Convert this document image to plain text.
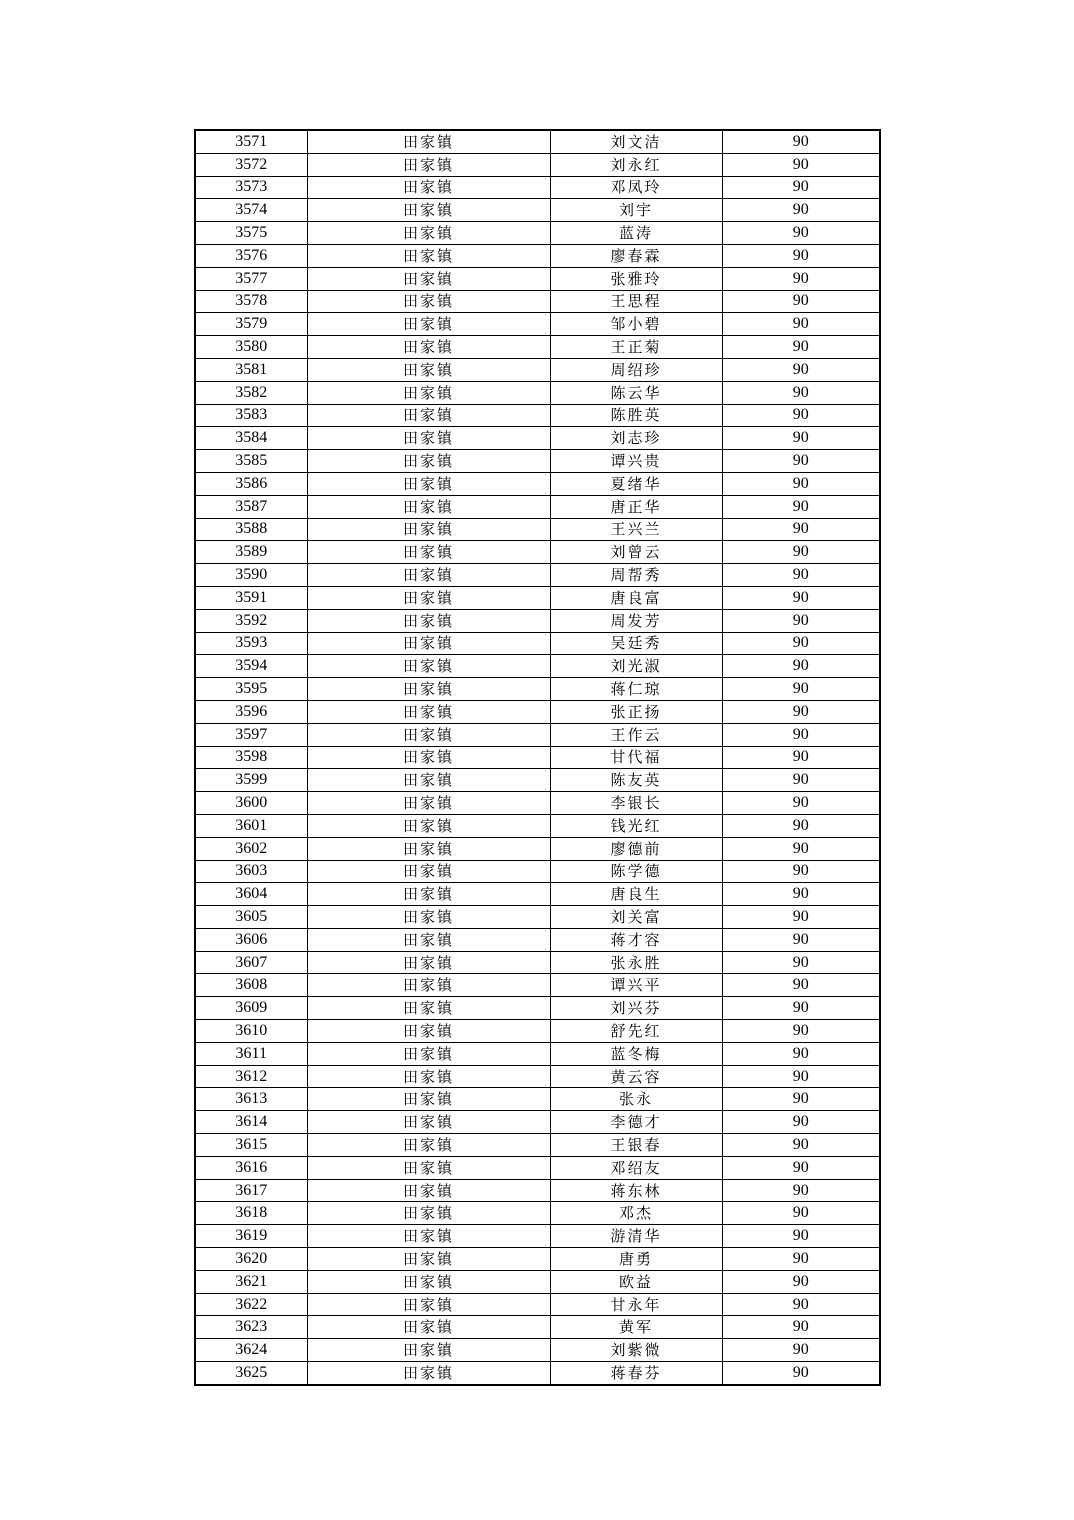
3571	田家镇	刘文洁	90
3572	田家镇	刘永红	90
3573	田家镇	邓凤玲	90
3574	田家镇	刘宇	90
3575	田家镇	蓝涛	90
3576	田家镇	廖春霖	90
3577	田家镇	张雅玲	90
3578	田家镇	王思程	90
3579	田家镇	邹小碧	90
3580	田家镇	王正菊	90
3581	田家镇	周绍珍	90
3582	田家镇	陈云华	90
3583	田家镇	陈胜英	90
3584	田家镇	刘志珍	90
3585	田家镇	谭兴贵	90
3586	田家镇	夏绪华	90
3587	田家镇	唐正华	90
3588	田家镇	王兴兰	90
3589	田家镇	刘曾云	90
3590	田家镇	周帮秀	90
3591	田家镇	唐良富	90
3592	田家镇	周发芳	90
3593	田家镇	吴廷秀	90
3594	田家镇	刘光淑	90
3595	田家镇	蒋仁琼	90
3596	田家镇	张正扬	90
3597	田家镇	王作云	90
3598	田家镇	甘代福	90
3599	田家镇	陈友英	90
3600	田家镇	李银长	90
3601	田家镇	钱光红	90
3602	田家镇	廖德前	90
3603	田家镇	陈学德	90
3604	田家镇	唐良生	90
3605	田家镇	刘关富	90
3606	田家镇	蒋才容	90
3607	田家镇	张永胜	90
3608	田家镇	谭兴平	90
3609	田家镇	刘兴芬	90
3610	田家镇	舒先红	90
3611	田家镇	蓝冬梅	90
3612	田家镇	黄云容	90
3613	田家镇	张永	90
3614	田家镇	李德才	90
3615	田家镇	王银春	90
3616	田家镇	邓绍友	90
3617	田家镇	蒋东林	90
3618	田家镇	邓杰	90
3619	田家镇	游清华	90
3620	田家镇	唐勇	90
3621	田家镇	欧益	90
3622	田家镇	甘永年	90
3623	田家镇	黄军	90
3624	田家镇	刘紫微	90
3625	田家镇	蒋春芬	90
